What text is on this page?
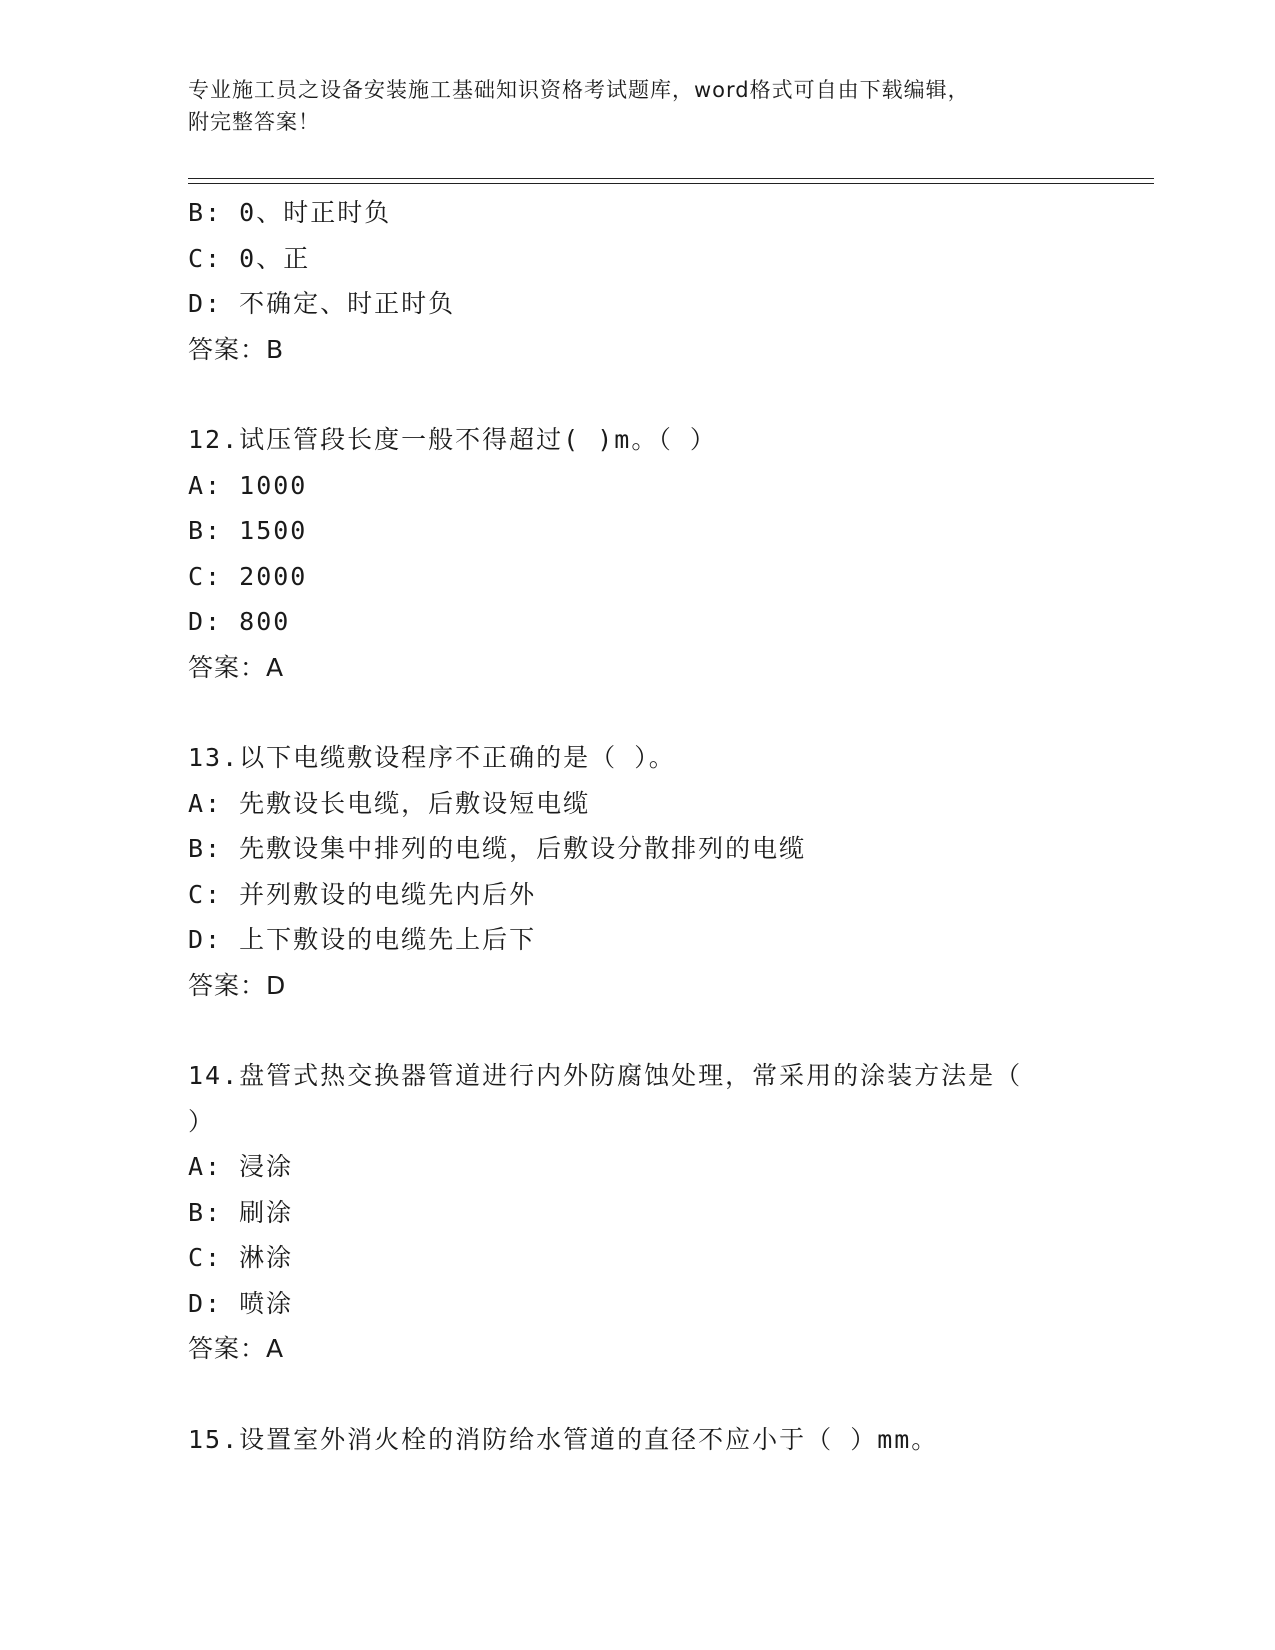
专业施工员之设备安装施工基础知识资格考试题库，word格式可自由下载编辑，
附完整答案！
B: 0、时正时负
C: 0、正
D: 不确定、时正时负
答案：B
12.试压管段长度一般不得超过( )m。（ ）
A: 1000
B: 1500
C: 2000
D: 800
答案：A
13.以下电缆敷设程序不正确的是（ ）。
A: 先敷设长电缆，后敷设短电缆
B: 先敷设集中排列的电缆，后敷设分散排列的电缆
C: 并列敷设的电缆先内后外
D: 上下敷设的电缆先上后下
答案：D
14.盘管式热交换器管道进行内外防腐蚀处理，常采用的涂装方法是（
）
A: 浸涂
B: 刷涂
C: 淋涂
D: 喷涂
答案：A
15.设置室外消火栓的消防给水管道的直径不应小于（ ）mm。
